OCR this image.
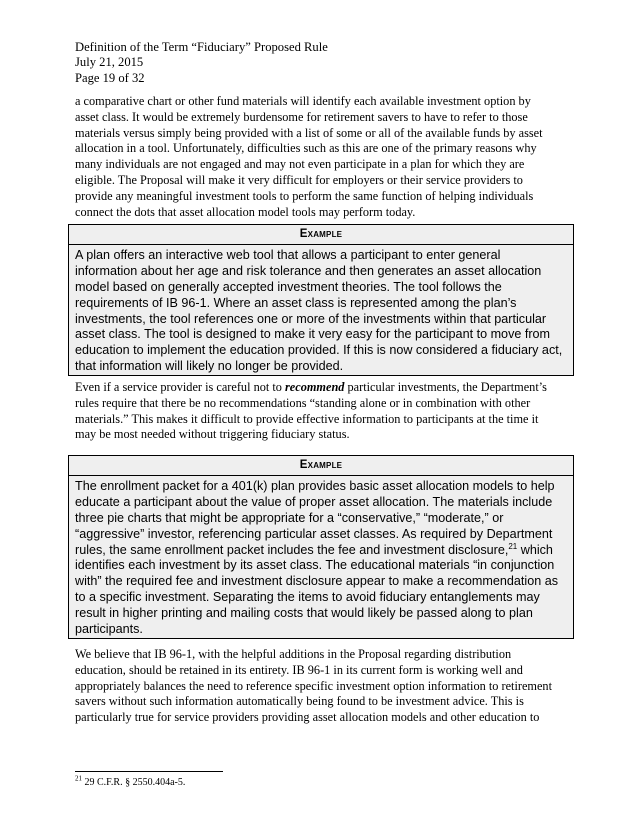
Definition of the Term “Fiduciary” Proposed Rule
July 21, 2015
Page 19 of 32
a comparative chart or other fund materials will identify each available investment option by
asset class. It would be extremely burdensome for retirement savers to have to refer to those
materials versus simply being provided with a list of some or all of the available funds by asset
allocation in a tool. Unfortunately, difficulties such as this are one of the primary reasons why
many individuals are not engaged and may not even participate in a plan for which they are
eligible. The Proposal will make it very difficult for employers or their service providers to
provide any meaningful investment tools to perform the same function of helping individuals
connect the dots that asset allocation model tools may perform today.
Example
A plan offers an interactive web tool that allows a participant to enter general
information about her age and risk tolerance and then generates an asset allocation
model based on generally accepted investment theories. The tool follows the
requirements of IB 96-1. Where an asset class is represented among the plan’s
investments, the tool references one or more of the investments within that particular
asset class. The tool is designed to make it very easy for the participant to move from
education to implement the education provided. If this is now considered a fiduciary act,
that information will likely no longer be provided.
Even if a service provider is careful not to recommend particular investments, the Department’s
rules require that there be no recommendations “standing alone or in combination with other
materials.” This makes it difficult to provide effective information to participants at the time it
may be most needed without triggering fiduciary status.
Example
The enrollment packet for a 401(k) plan provides basic asset allocation models to help
educate a participant about the value of proper asset allocation. The materials include
three pie charts that might be appropriate for a “conservative,” “moderate,” or
“aggressive” investor, referencing particular asset classes. As required by Department
rules, the same enrollment packet includes the fee and investment disclosure,$^{21}$ which
identifies each investment by its asset class. The educational materials “in conjunction
with” the required fee and investment disclosure appear to make a recommendation as
to a specific investment. Separating the items to avoid fiduciary entanglements may
result in higher printing and mailing costs that would likely be passed along to plan
participants.
We believe that IB 96-1, with the helpful additions in the Proposal regarding distribution
education, should be retained in its entirety. IB 96-1 in its current form is working well and
appropriately balances the need to reference specific investment option information to retirement
savers without such information automatically being found to be investment advice. This is
particularly true for service providers providing asset allocation models and other education to
$^{21}$ 29 C.F.R. § 2550.404a-5.
